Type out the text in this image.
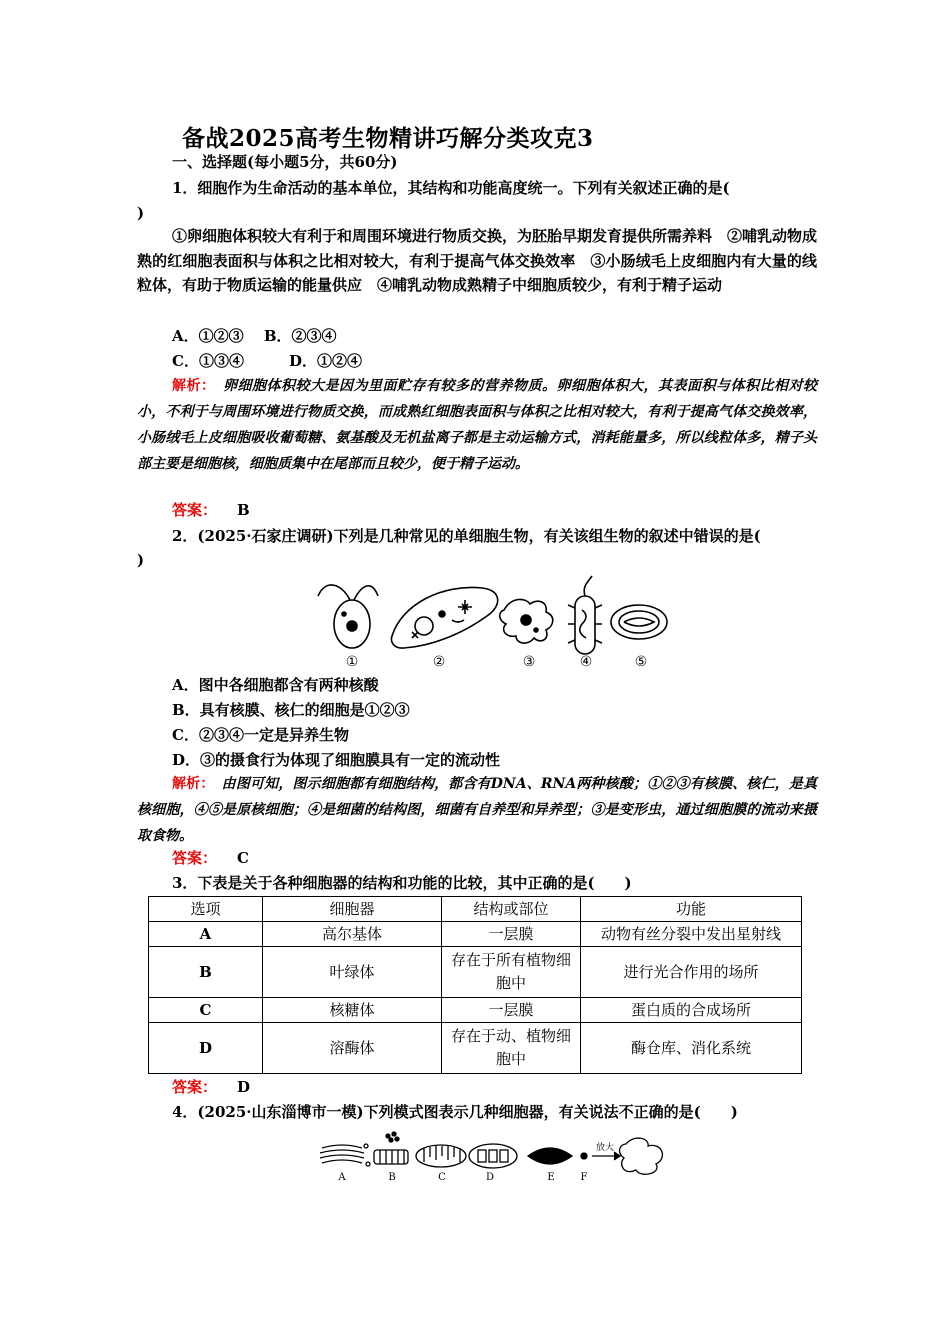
备战2025高考生物精讲巧解分类攻克3
一、选择题(每小题5分，共60分)
1．细胞作为生命活动的基本单位，其结构和功能高度统一。下列有关叙述正确的是(
)
①卵细胞体积较大有利于和周围环境进行物质交换，为胚胎早期发育提供所需养料　②哺乳动物成熟的红细胞表面积与体积之比相对较大，有利于提高气体交换效率　③小肠绒毛上皮细胞内有大量的线粒体，有助于物质运输的能量供应　④哺乳动物成熟精子中细胞质较少，有利于精子运动
A．①②③　 B．②③④
C．①③④　　　D．①②④
解析：　 卵细胞体积较大是因为里面贮存有较多的营养物质。卵细胞体积大，其表面积与体积比相对较小，不利于与周围环境进行物质交换，而成熟红细胞表面积与体积之比相对较大，有利于提高气体交换效率，小肠绒毛上皮细胞吸收葡萄糖、氨基酸及无机盐离子都是主动运输方式，消耗能量多，所以线粒体多，精子头部主要是细胞核，细胞质集中在尾部而且较少，便于精子运动。
答案： B
2．(2025·石家庄调研)下列是几种常见的单细胞生物，有关该组生物的叙述中错误的是(
)
①	②	③	④	⑤
A．图中各细胞都含有两种核酸
B．具有核膜、核仁的细胞是①②③
C．②③④一定是异养生物
D．③的摄食行为体现了细胞膜具有一定的流动性
解析：　 由图可知，图示细胞都有细胞结构，都含有DNA、RNA两种核酸；①②③有核膜、核仁，是真核细胞，④⑤是原核细胞；④是细菌的结构图，细菌有自养型和异养型；③是变形虫，通过细胞膜的流动来摄取食物。
答案： C
3．下表是关于各种细胞器的结构和功能的比较，其中正确的是(　　)
选项	细胞器	结构或部位	功能
A	高尔基体	一层膜	动物有丝分裂中发出星射线
B	叶绿体	存在于所有植物细胞中	进行光合作用的场所
C	核糖体	一层膜	蛋白质的合成场所
D	溶酶体	存在于动、植物细胞中	酶仓库、消化系统
答案： D
4．(2025·山东淄博市一模)下列模式图表示几种细胞器，有关说法不正确的是(　　)
A	B	C	D	E	F
放大
